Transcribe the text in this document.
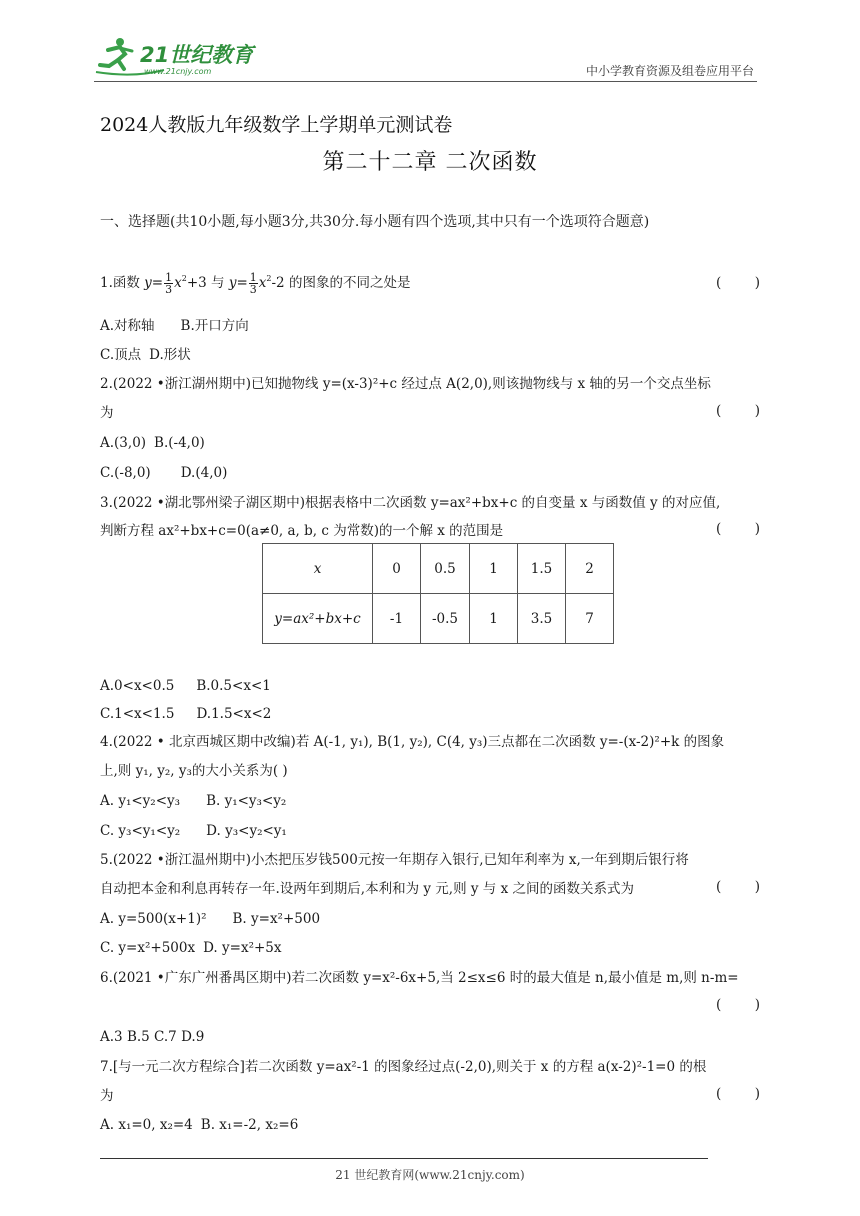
21世纪教育
www.21cnjy.com	中小学教育资源及组卷应用平台
2024人教版九年级数学上学期单元测试卷
第二十二章 二次函数
一、选择题(共10小题,每小题3分,共30分.每小题有四个选项,其中只有一个选项符合题意)
1.函数 $y= \frac{1}{3} x^2+3$ 与 $y= \frac{1}{3} x^2-2$ 的图象的不同之处是	( )
A.对称轴 B.开口方向
C.顶点 D.形状
2.(2022 •浙江湖州期中)已知抛物线 y=(x-3)²+c 经过点 A(2,0),则该抛物线与 x 轴的另一个交点坐标
为	( )
A.(3,0) B.(-4,0)
C.(-8,0) D.(4,0)
3.(2022 •湖北鄂州梁子湖区期中)根据表格中二次函数 y=ax²+bx+c 的自变量 x 与函数值 y 的对应值,
判断方程 ax²+bx+c=0(a≠0, a, b, c 为常数)的一个解 x 的范围是	( )
x	0	0.5	1	1.5	2
y=ax²+bx+c	-1	-0.5	1	3.5	7
A.0<x<0.5 B.0.5<x<1
C.1<x<1.5 D.1.5<x<2
4.(2022 • 北京西城区期中改编)若 A(-1, y₁), B(1, y₂), C(4, y₃)三点都在二次函数 y=-(x-2)²+k 的图象
上,则 y₁, y₂, y₃的大小关系为( )
A. y₁<y₂<y₃ B. y₁<y₃<y₂
C. y₃<y₁<y₂ D. y₃<y₂<y₁
5.(2022 •浙江温州期中)小杰把压岁钱500元按一年期存入银行,已知年利率为 x,一年到期后银行将
自动把本金和利息再转存一年.设两年到期后,本利和为 y 元,则 y 与 x 之间的函数关系式为	( )
A. y=500(x+1)² B. y=x²+500
C. y=x²+500x D. y=x²+5x
6.(2021 •广东广州番禺区期中)若二次函数 y=x²-6x+5,当 2≤x≤6 时的最大值是 n,最小值是 m,则 n-m=
( )
A.3 B.5 C.7 D.9
7.[与一元二次方程综合]若二次函数 y=ax²-1 的图象经过点(-2,0),则关于 x 的方程 a(x-2)²-1=0 的根
为	( )
A. x₁=0, x₂=4 B. x₁=-2, x₂=6
21 世纪教育网(www.21cnjy.com)
